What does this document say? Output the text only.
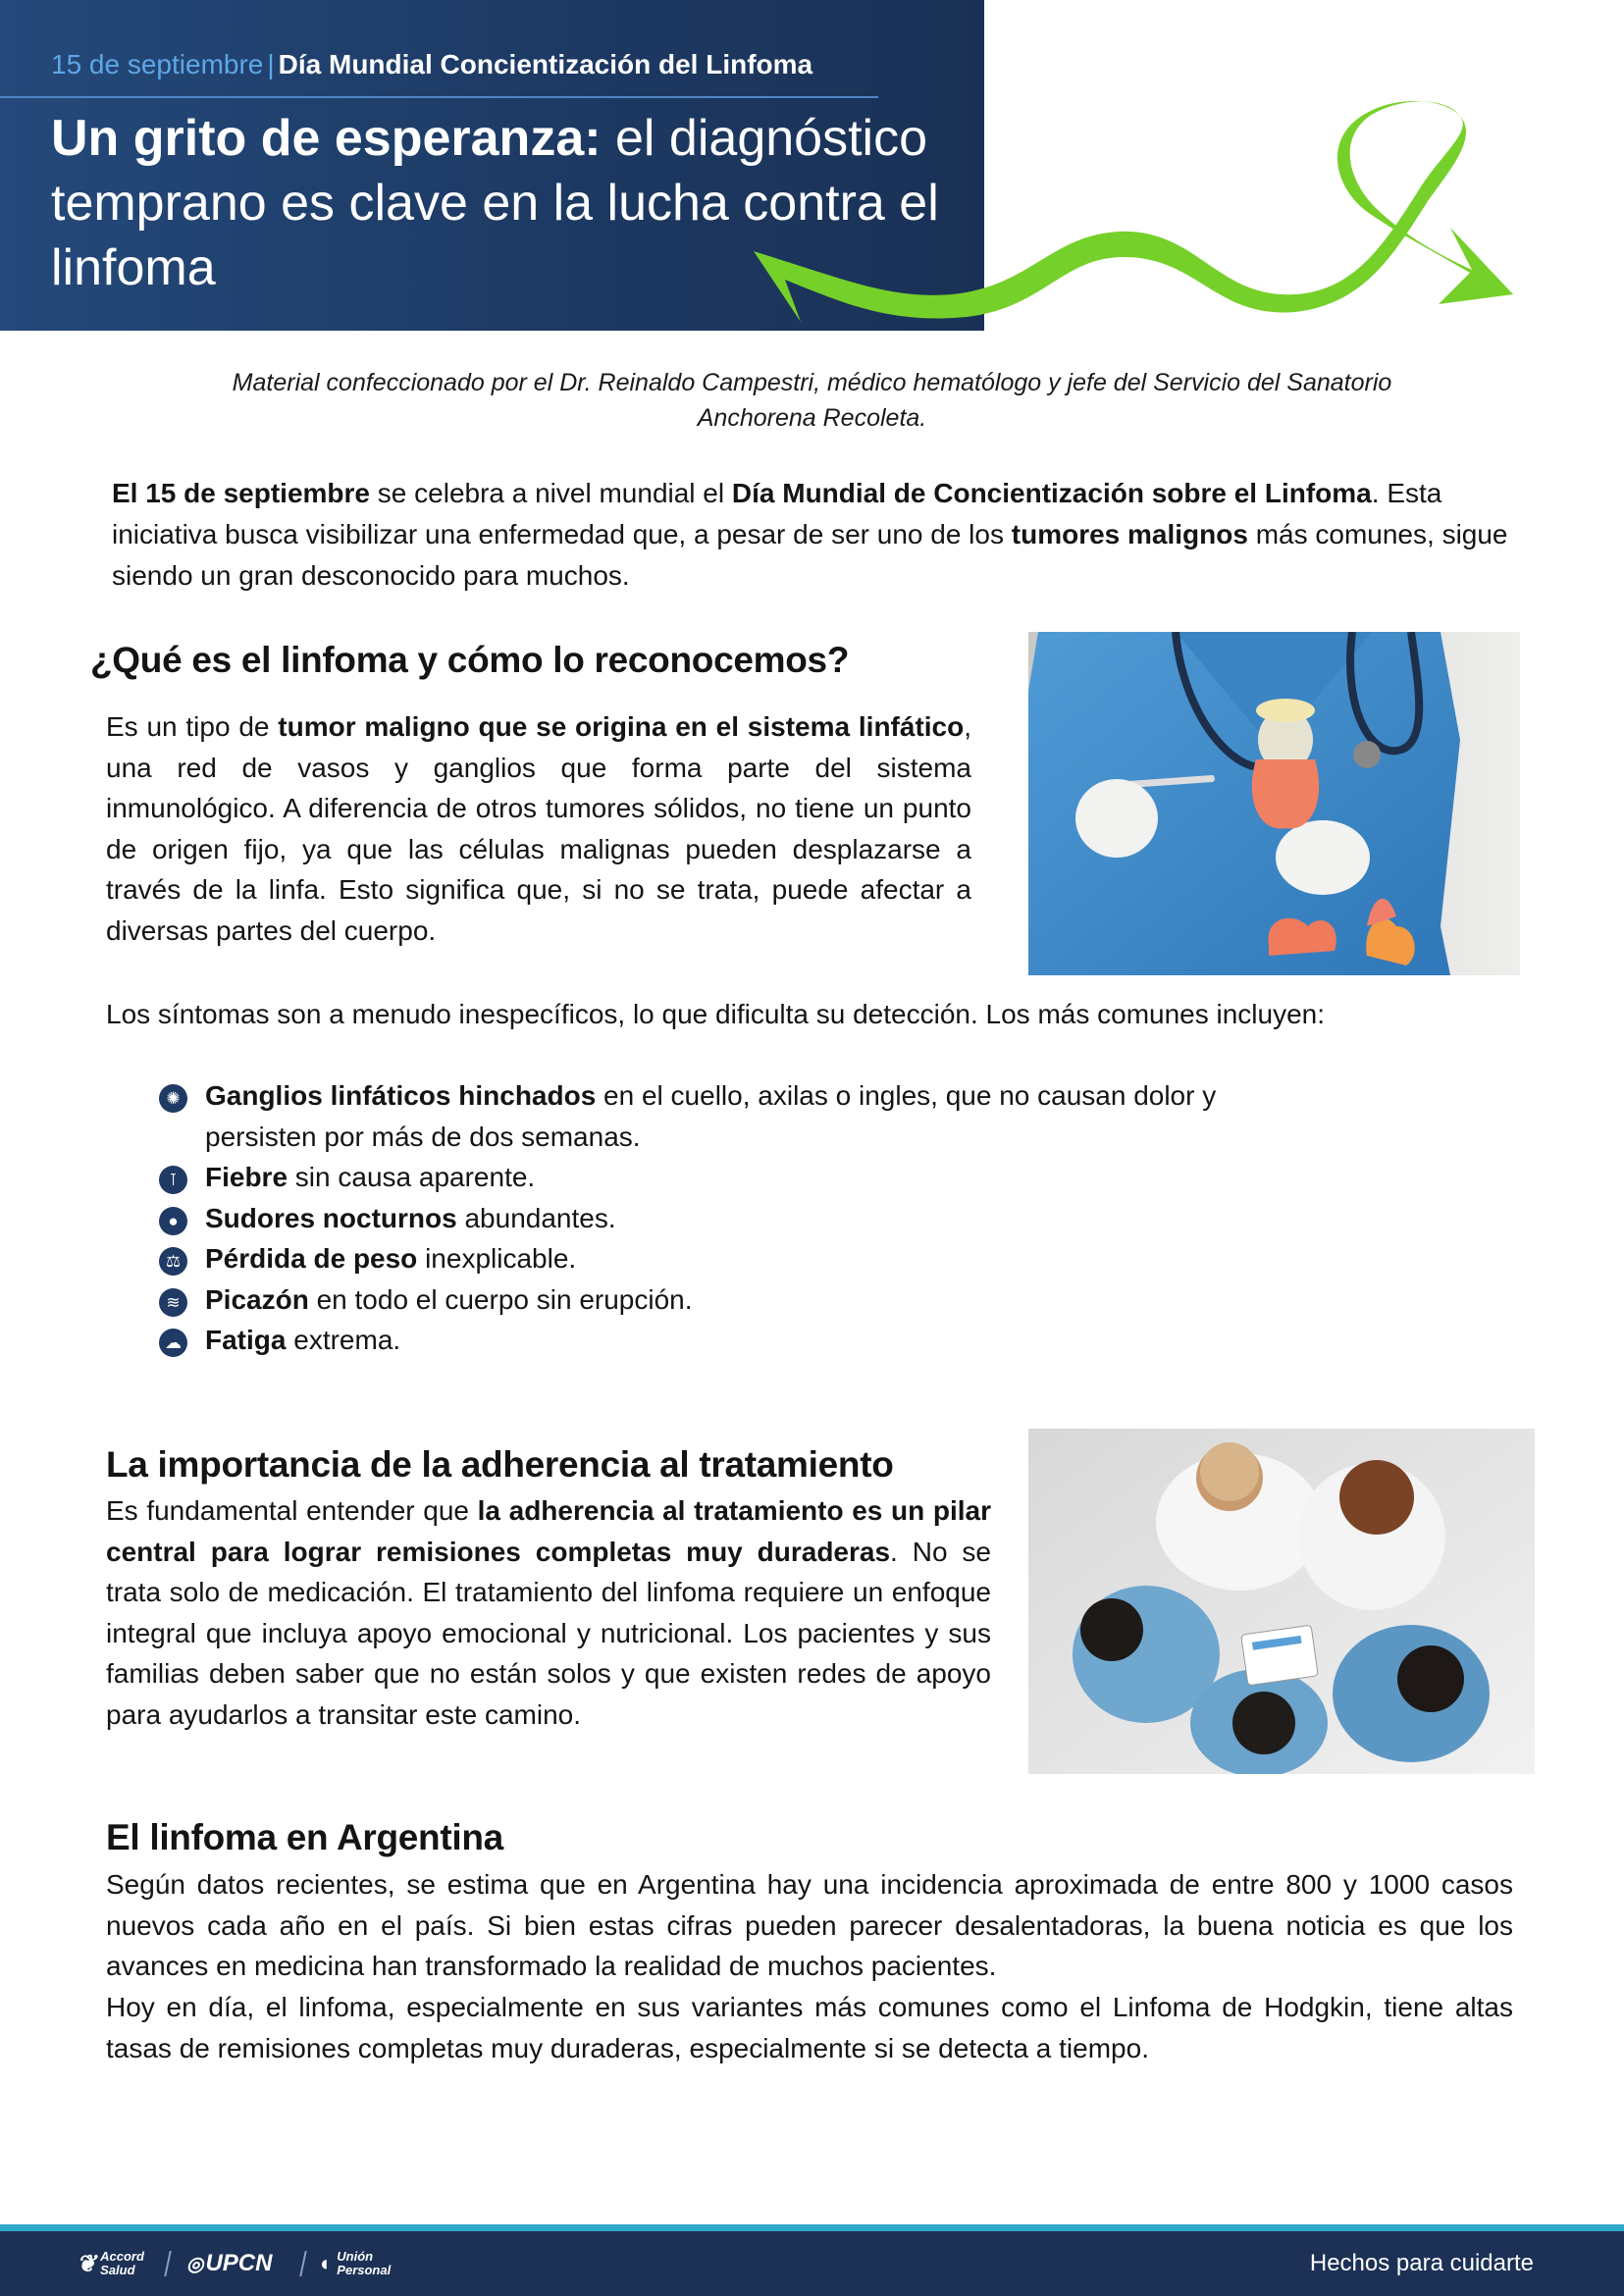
15 de septiembre | Día Mundial Concientización del Linfoma
Un grito de esperanza: el diagnóstico temprano es clave en la lucha contra el linfoma
Material confeccionado por el Dr. Reinaldo Campestri, médico hematólogo y jefe del Servicio del Sanatorio Anchorena Recoleta.
El 15 de septiembre se celebra a nivel mundial el Día Mundial de Concientización sobre el Linfoma. Esta iniciativa busca visibilizar una enfermedad que, a pesar de ser uno de los tumores malignos más comunes, sigue siendo un gran desconocido para muchos.
¿Qué es el linfoma y cómo lo reconocemos?
Es un tipo de tumor maligno que se origina en el sistema linfático, una red de vasos y ganglios que forma parte del sistema inmunológico. A diferencia de otros tumores sólidos, no tiene un punto de origen fijo, ya que las células malignas pueden desplazarse a través de la linfa. Esto significa que, si no se trata, puede afectar a diversas partes del cuerpo.
Los síntomas son a menudo inespecíficos, lo que dificulta su detección. Los más comunes incluyen:
✺ Ganglios linfáticos hinchados en el cuello, axilas o ingles, que no causan dolor y persisten por más de dos semanas.
⊺	Fiebre sin causa aparente.
● Sudores nocturnos abundantes.
⚖ Pérdida de peso inexplicable.
≋ Picazón en todo el cuerpo sin erupción.
☁ Fatiga extrema.
La importancia de la adherencia al tratamiento
Es fundamental entender que la adherencia al tratamiento es un pilar central para lograr remisiones completas muy duraderas. No se trata solo de medicación. El tratamiento del linfoma requiere un enfoque integral que incluya apoyo emocional y nutricional. Los pacientes y sus familias deben saber que no están solos y que existen redes de apoyo para ayudarlos a transitar este camino.
El linfoma en Argentina
Según datos recientes, se estima que en Argentina hay una incidencia aproximada de entre 800 y 1000 casos nuevos cada año en el país. Si bien estas cifras pueden parecer desalentadoras, la buena noticia es que los avances en medicina han transformado la realidad de muchos pacientes.
Hoy en día, el linfoma, especialmente en sus variantes más comunes como el Linfoma de Hodgkin, tiene altas tasas de remisiones completas muy duraderas, especialmente si se detecta a tiempo.
❦ Accord
Salud	◎ UPCN ◐ Unión
Personal	Hechos para cuidarte
